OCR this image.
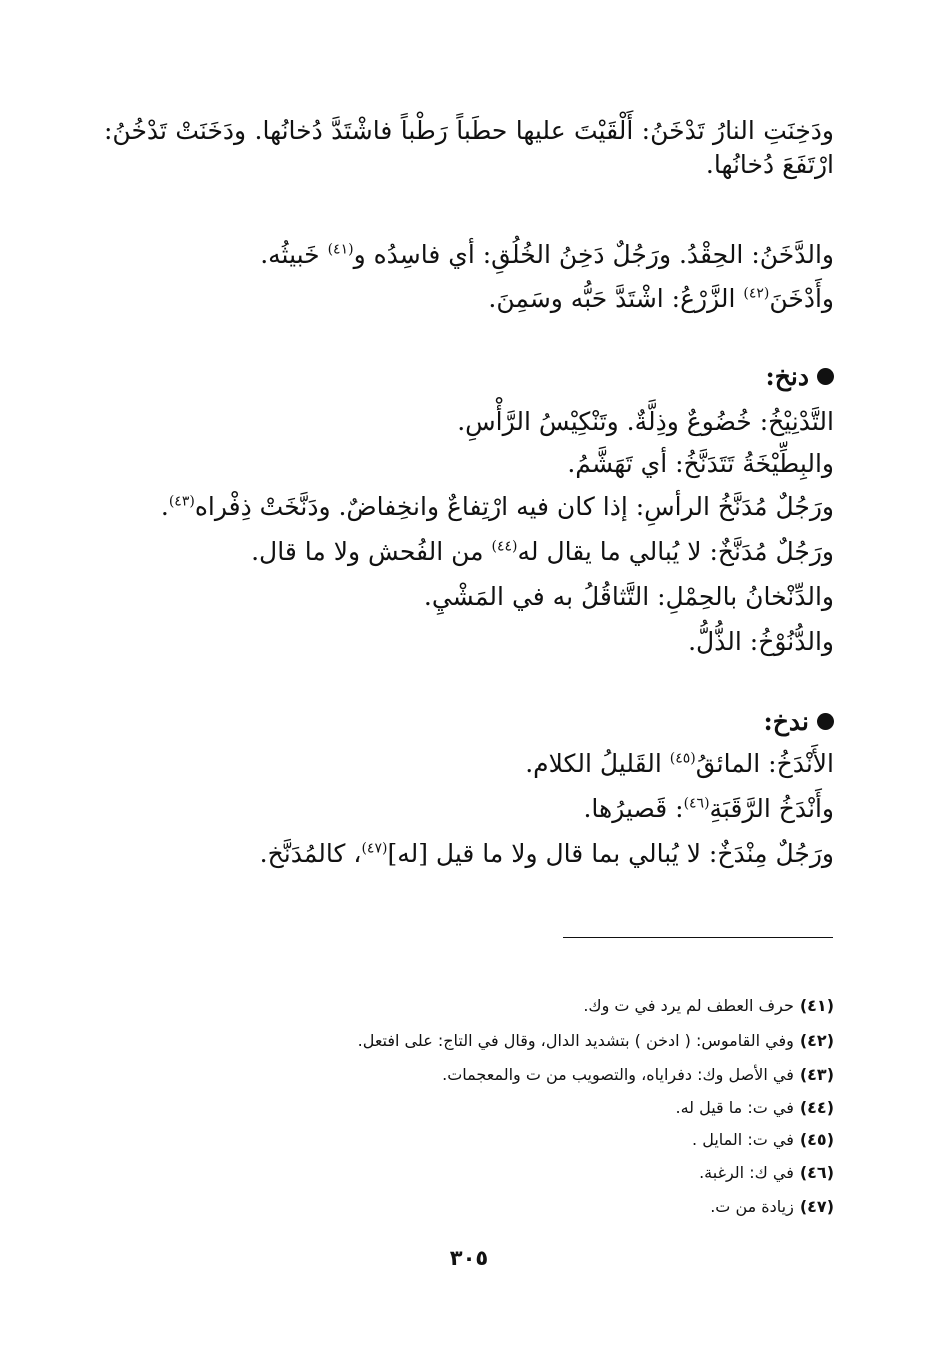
ودَخِنَتِ النارُ تَدْخَنُ: أَلْقَيْتَ عليها حطَباً رَطْباً فاشْتَدَّ دُخانُها. ودَخَنَتْ تَدْخُنُ: ارْتَفَعَ دُخانُها.

والدَّخَنُ: الحِقْدُ. ورَجُلٌ دَخِنُ الخُلُقِ: أي فاسِدُه و$^{(٤١)}$ خَبيثُه.
وأَدْخَنَ$^{(٤٢)}$ الزَّرْعُ: اشْتَدَّ حَبُّه وسَمِنَ.
دنخ:
التَّدْنِيْخُ: خُضُوعٌ وذِلَّةٌ. وتَنْكِيْسُ الرَّأْسِ.
والبِطِّيْخَةُ تَتَدَنَّخُ: أي تَهَشَّمُ.
ورَجُلٌ مُدَنَّخُ الرأسِ: إذا كان فيه ارْتِفاعٌ وانخِفاضٌ. ودَنَّخَتْ ذِفْراه$^{(٤٣)}$.
ورَجُلٌ مُدَنَّخٌ: لا يُبالي ما يقال له$^{(٤٤)}$ من الفُحش ولا ما قال.
والدِّنْخانُ بالحِمْلِ: التَّثاقُلُ به في المَشْيِ.
والدُّنُوْخُ: الذُّلُّ.
ندخ:
الأَنْدَخُ: المائقُ$^{(٤٥)}$ القَليلُ الكلام.
وأَنْدَخُ الرَّقَبَةِ$^{(٤٦)}$: قَصيرُها.
ورَجُلٌ مِنْدَخٌ: لا يُبالي بما قال ولا ما قيل [له]$^{(٤٧)}$، كالمُدَنَّخ.
(٤١)حرف العطف لم يرد في ت وك.
(٤٢)وفي القاموس: ( ادخن ) بتشديد الدال، وقال في التاج: على افتعل.
(٤٣)في الأصل وك: دفراياه، والتصويب من ت والمعجمات.
(٤٤)في ت: ما قيل له.
(٤٥)في ت: المايل .
(٤٦)في ك: الرغبة.
(٤٧)زيادة من ت.
٣٠٥
